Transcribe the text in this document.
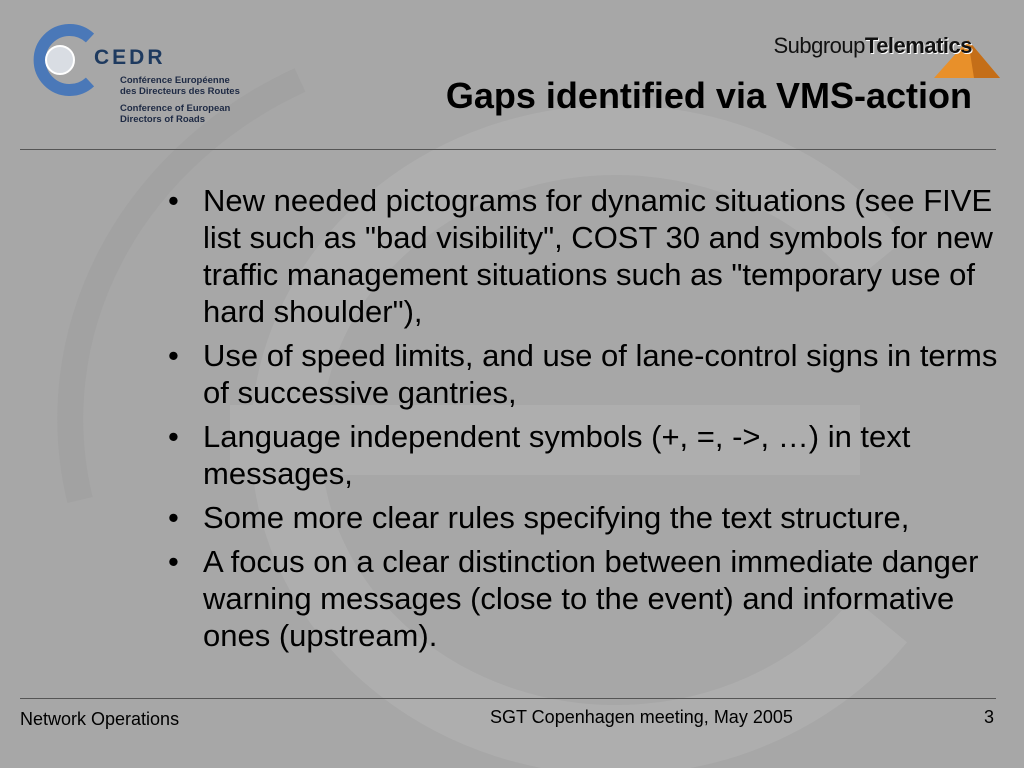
CEDR
Conférence Européenne
des Directeurs des Routes
Conference of European
Directors of Roads
SubgroupTelematics
Gaps identified via VMS-action
• New needed pictograms for dynamic situations (see FIVE list such as "bad visibility", COST 30 and symbols for new traffic management situations such as "temporary use of hard shoulder"),
• Use of speed limits, and use of lane-control signs in terms of successive gantries,
• Language independent symbols (+, =, ->, …) in text messages,
• Some more clear rules specifying the text structure,
• A focus on a clear distinction between immediate danger warning messages (close to the event) and informative ones (upstream).
Network Operations	SGT Copenhagen meeting, May 2005	3
